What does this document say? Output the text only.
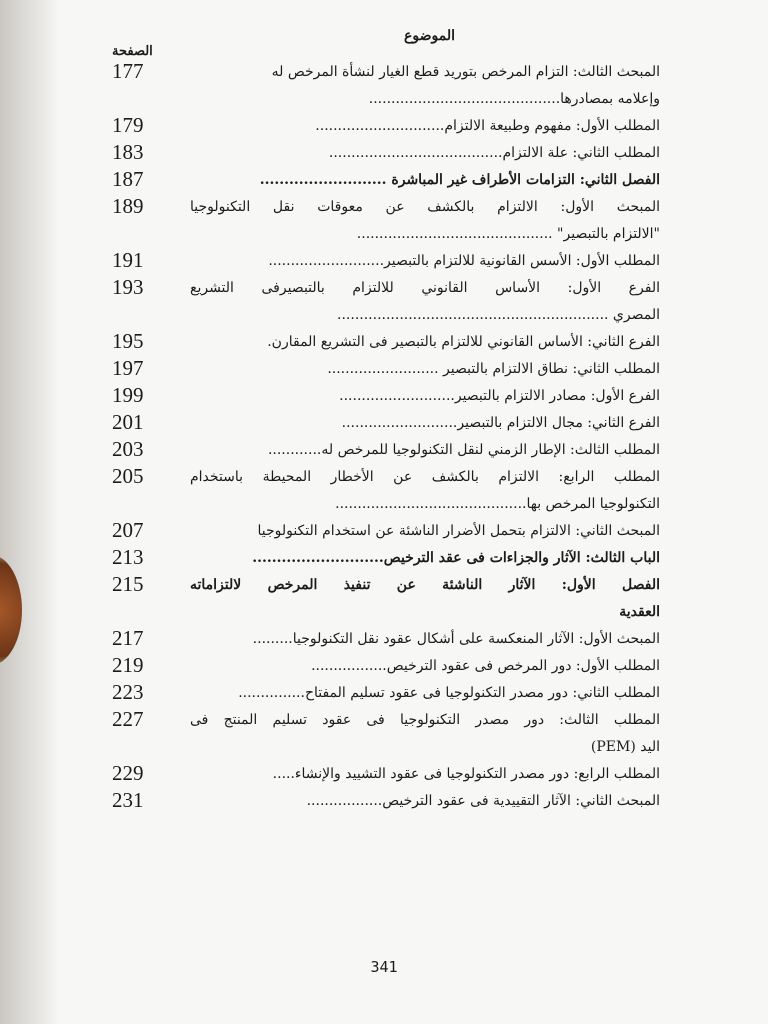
الموضوع
الصفحة
177	المبحث الثالث: التزام المرخص بتوريد قطع الغيار لنشأة المرخص له
وإعلامه بمصادرها...........................................
179	المطلب الأول: مفهوم وطبيعة الالتزام.............................
183	المطلب الثاني: علة الالتزام.......................................
187	الفصل الثاني: التزامات الأطراف غير المباشرة ..........................
189	المبحث الأول: الالتزام بالكشف عن معوقات نقل التكنولوجيا
"الالتزام بالتبصير" ............................................
191	المطلب الأول: الأسس القانونية للالتزام بالتبصير..........................
193	الفرع الأول: الأساس القانوني للالتزام بالتبصيرفى التشريع
المصري .............................................................
195	الفرع الثاني: الأساس القانوني للالتزام بالتبصير فى التشريع المقارن.
197	المطلب الثاني: نطاق الالتزام بالتبصير .........................
199	الفرع الأول: مصادر الالتزام بالتبصير..........................
201	الفرع الثاني: مجال الالتزام بالتبصير..........................
203	المطلب الثالث: الإطار الزمني لنقل التكنولوجيا للمرخص له............
205	المطلب الرابع: الالتزام بالكشف عن الأخطار المحيطة باستخدام
التكنولوجيا المرخص بها...........................................
207	المبحث الثاني: الالتزام بتحمل الأضرار الناشئة عن استخدام التكنولوجيا
213	الباب الثالث: الآثار والجزاءات فى عقد الترخيص...........................
215	الفصل الأول: الآثار الناشئة عن تنفيذ المرخص لالتزاماته
العقدية
217	المبحث الأول: الآثار المنعكسة على أشكال عقود نقل التكنولوجيا.........
219	المطلب الأول: دور المرخص فى عقود الترخيص.................
223	المطلب الثاني: دور مصدر التكنولوجيا فى عقود تسليم المفتاح...............
227	المطلب الثالث: دور مصدر التكنولوجيا فى عقود تسليم المنتج فى
اليد (PEM)
229	المطلب الرابع: دور مصدر التكنولوجيا فى عقود التشييد والإنشاء.....
231	المبحث الثاني: الآثار التقييدية فى عقود الترخيص.................
341
